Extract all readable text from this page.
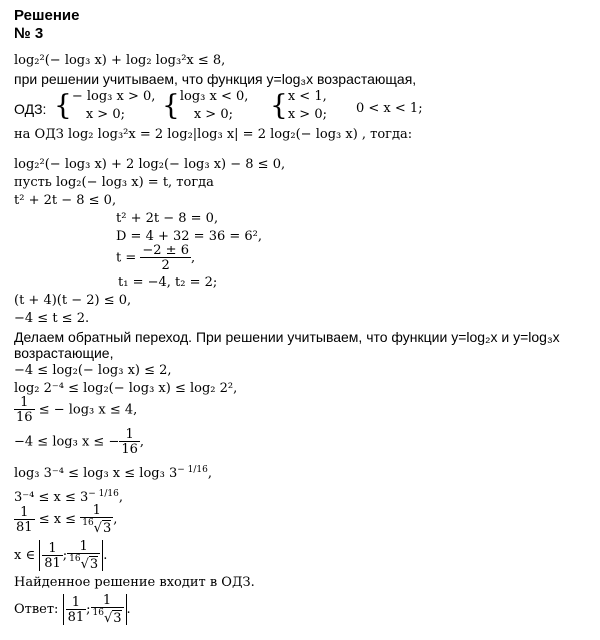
Решение
№ 3
log₂²(− log₃ x) + log₂ log₃²x ≤ 8,
при решении учитываем, что функция y=log₃x возрастающая,
ОДЗ: { − log₃ x > 0,
x > 0;	{ log₃ x < 0,
x > 0;	{ x < 1,
x > 0; 0 < x < 1;
на ОДЗ log₂ log₃²x = 2 log₂|log₃ x| = 2 log₂(− log₃ x) , тогда:
log₂²(− log₃ x) + 2 log₂(− log₃ x) − 8 ≤ 0,
пусть log₂(− log₃ x) = t, тогда
t² + 2t − 8 ≤ 0,
t² + 2t − 8 = 0,
D = 4 + 32 = 36 = 6²,
$t = \frac{-2 \pm 6}{2}$ ,
t₁ = −4, t₂ = 2;
(t + 4)(t − 2) ≤ 0,
−4 ≤ t ≤ 2.
Делаем обратный переход. При решении учитываем, что функции y=log₂x и y=log₃x
возрастающие,
−4 ≤ log₂(− log₃ x) ≤ 2,
log₂ 2⁻⁴ ≤ log₂(− log₃ x) ≤ log₂ 2²,
$\frac{1}{16}$ ≤ − log₃ x ≤ 4,
−4 ≤ log₃ x ≤ − $\frac{1}{16}$ ,
log₃ 3⁻⁴ ≤ log₃ x ≤ log₃ $3^{- 1/16}$,
$3^{-4} \le x \le 3^{- 1/16}$,
$\frac{1}{81} \le x \le \frac{1}{^{16}√3}$ ,
x ∈ $\frac{1}{81}$ ; $\frac{1}{^{16}√3}$ .
Найденное решение входит в ОДЗ.
Ответ: $\frac{1}{81}$ ; $\frac{1}{^{16}√3}$ .
